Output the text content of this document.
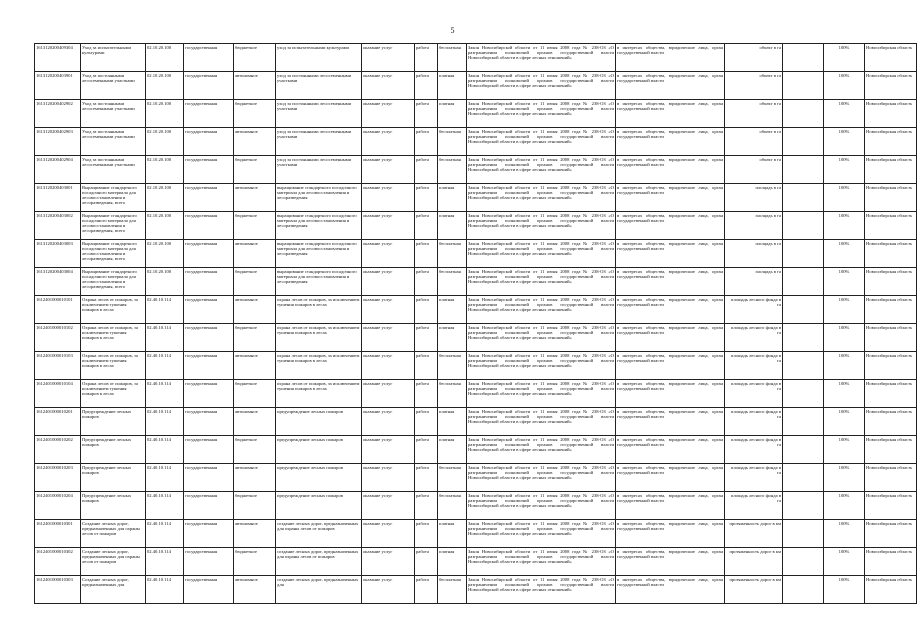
5
1613120200409304	Уход за испытательными культурами	02.10.20.100	государственная	бюджетное	уход за испытательными культурами	оказание услуг	работа	бесплатная	Закон Новосибирской области от 11 июня 2008 года № 238-ОЗ «О разграничении полномочий органов государственной власти Новосибирской области в сфере лесных отношений»	в интересах общества, юридические лица, орган государственной власти	объект в га		100%	Новосибирская область
1613120200403901	Уход за постоянными лесосеменными участками	02.10.20.100	государственная	автономное	уход за постоянными лесосеменными участками	оказание услуг	работа	платная	Закон Новосибирской области от 11 июня 2008 года № 238-ОЗ «О разграничении полномочий органов государственной власти Новосибирской области в сфере лесных отношений»	в интересах общества, юридические лица, орган государственной власти	объект в га		100%	Новосибирская область
1613120200402902	Уход за постоянными лесосеменными участками	02.10.20.100	государственная	бюджетное	уход за постоянными лесосеменными участками	оказание услуг	работа	платная	Закон Новосибирской области от 11 июня 2008 года № 238-ОЗ «О разграничении полномочий органов государственной власти Новосибирской области в сфере лесных отношений»	в интересах общества, юридические лица, орган государственной власти	объект в га		100%	Новосибирская область
1613120200402903	Уход за постоянными лесосеменными участками	02.10.20.100	государственная	автономное	уход за постоянными лесосеменными участками	оказание услуг	работа	бесплатная	Закон Новосибирской области от 11 июня 2008 года № 238-ОЗ «О разграничении полномочий органов государственной власти Новосибирской области в сфере лесных отношений»	в интересах общества, юридические лица, орган государственной власти	объект в га		100%	Новосибирская область
1613120200402904	Уход за постоянными лесосеменными участками	02.10.20.100	государственная	бюджетное	уход за постоянными лесосеменными участками	оказание услуг	работа	бесплатная	Закон Новосибирской области от 11 июня 2008 года № 238-ОЗ «О разграничении полномочий органов государственной власти Новосибирской области в сфере лесных отношений»	в интересах общества, юридические лица, орган государственной власти	объект в га		100%	Новосибирская область
1613120200403001	Выращивание стандартного посадочного материала для лесовосстановления и лесоразведения, всего	02.10.20.100	государственная	автономное	выращивание стандартного посадочного материала для лесовосстановления и лесоразведения	оказание услуг	работа	платная	Закон Новосибирской области от 11 июня 2008 года № 238-ОЗ «О разграничении полномочий органов государственной власти Новосибирской области в сфере лесных отношений»	в интересах общества, юридические лица, орган государственной власти	площадь в га		100%	Новосибирская область
1613120200403002	Выращивание стандартного посадочного материала для лесовосстановления и лесоразведения, всего	02.10.20.100	государственная	бюджетное	выращивание стандартного посадочного материала для лесовосстановления и лесоразведения	оказание услуг	работа	платная	Закон Новосибирской области от 11 июня 2008 года № 238-ОЗ «О разграничении полномочий органов государственной власти Новосибирской области в сфере лесных отношений»	в интересах общества, юридические лица, орган государственной власти	площадь в га		100%	Новосибирская область
1613120200403003	Выращивание стандартного посадочного материала для лесовосстановления и лесоразведения, всего	02.10.20.100	государственная	автономное	выращивание стандартного посадочного материала для лесовосстановления и лесоразведения	оказание услуг	работа	бесплатная	Закон Новосибирской области от 11 июня 2008 года № 238-ОЗ «О разграничении полномочий органов государственной власти Новосибирской области в сфере лесных отношений»	в интересах общества, юридические лица, орган государственной власти	площадь в га		100%	Новосибирская область
1613120200403004	Выращивание стандартного посадочного материала для лесовосстановления и лесоразведения, всего	02.10.20.100	государственная	бюджетное	выращивание стандартного посадочного материала для лесовосстановления и лесоразведения	оказание услуг	работа	бесплатная	Закон Новосибирской области от 11 июня 2008 года № 238-ОЗ «О разграничении полномочий органов государственной власти Новосибирской области в сфере лесных отношений»	в интересах общества, юридические лица, орган государственной власти	площадь в га		100%	Новосибирская область
1612401000010101	Охрана лесов от пожаров, за исключением тушения пожаров в лесах	02.40.10.114	государственная	автономное	охрана лесов от пожаров, за исключением тушения пожаров в лесах	оказание услуг	работа	платная	Закон Новосибирской области от 11 июня 2008 года № 238-ОЗ «О разграничении полномочий органов государственной власти Новосибирской области в сфере лесных отношений»	в интересах общества, юридические лица, орган государственной власти	площадь лесного фонда в га		100%	Новосибирская область
1612401000010102	Охрана лесов от пожаров, за исключением тушения пожаров в лесах	02.40.10.114	государственная	бюджетное	охрана лесов от пожаров, за исключением тушения пожаров в лесах	оказание услуг	работа	платная	Закон Новосибирской области от 11 июня 2008 года № 238-ОЗ «О разграничении полномочий органов государственной власти Новосибирской области в сфере лесных отношений»	в интересах общества, юридические лица, орган государственной власти	площадь лесного фонда в га		100%	Новосибирская область
1612401000010103	Охрана лесов от пожаров, за исключением тушения пожаров в лесах	02.40.10.114	государственная	автономное	охрана лесов от пожаров, за исключением тушения пожаров в лесах	оказание услуг	работа	бесплатная	Закон Новосибирской области от 11 июня 2008 года № 238-ОЗ «О разграничении полномочий органов государственной власти Новосибирской области в сфере лесных отношений»	в интересах общества, юридические лица, орган государственной власти	площадь лесного фонда в га		100%	Новосибирская область
1612401000010104	Охрана лесов от пожаров, за исключением тушения пожаров в лесах	02.40.10.114	государственная	бюджетное	охрана лесов от пожаров, за исключением тушения пожаров в лесах	оказание услуг	работа	бесплатная	Закон Новосибирской области от 11 июня 2008 года № 238-ОЗ «О разграничении полномочий органов государственной власти Новосибирской области в сфере лесных отношений»	в интересах общества, юридические лица, орган государственной власти	площадь лесного фонда в га		100%	Новосибирская область
1612401000010201	Предупреждение лесных пожаров	02.40.10.114	государственная	автономное	предупреждение лесных пожаров	оказание услуг	работа	платная	Закон Новосибирской области от 11 июня 2008 года № 238-ОЗ «О разграничении полномочий органов государственной власти Новосибирской области в сфере лесных отношений»	в интересах общества, юридические лица, орган государственной власти	площадь лесного фонда в га		100%	Новосибирская область
1612401000010202	Предупреждение лесных пожаров	02.40.10.114	государственная	бюджетное	предупреждение лесных пожаров	оказание услуг	работа	платная	Закон Новосибирской области от 11 июня 2008 года № 238-ОЗ «О разграничении полномочий органов государственной власти Новосибирской области в сфере лесных отношений»	в интересах общества, юридические лица, орган государственной власти	площадь лесного фонда в га		100%	Новосибирская область
1612401000010203	Предупреждение лесных пожаров	02.40.10.114	государственная	автономное	предупреждение лесных пожаров	оказание услуг	работа	бесплатная	Закон Новосибирской области от 11 июня 2008 года № 238-ОЗ «О разграничении полномочий органов государственной власти Новосибирской области в сфере лесных отношений»	в интересах общества, юридические лица, орган государственной власти	площадь лесного фонда в га		100%	Новосибирская область
1612401000010204	Предупреждение лесных пожаров	02.40.10.114	государственная	бюджетное	предупреждение лесных пожаров	оказание услуг	работа	бесплатная	Закон Новосибирской области от 11 июня 2008 года № 238-ОЗ «О разграничении полномочий органов государственной власти Новосибирской области в сфере лесных отношений»	в интересах общества, юридические лица, орган государственной власти	площадь лесного фонда в га		100%	Новосибирская область
1612401000010301	Создание лесных дорог, предназначенных для охраны лесов от пожаров	02.40.10.114	государственная	автономное	создание лесных дорог, предназначенных для охраны лесов от пожаров	оказание услуг	работа	платная	Закон Новосибирской области от 11 июня 2008 года № 238-ОЗ «О разграничении полномочий органов государственной власти Новосибирской области в сфере лесных отношений»	в интересах общества, юридические лица, орган государственной власти	протяженность дорог в км		100%	Новосибирская область
1612401000010302	Создание лесных дорог, предназначенных для охраны лесов от пожаров	02.40.10.114	государственная	бюджетное	создание лесных дорог, предназначенных для охраны лесов от пожаров	оказание услуг	работа	платная	Закон Новосибирской области от 11 июня 2008 года № 238-ОЗ «О разграничении полномочий органов государственной власти Новосибирской области в сфере лесных отношений»	в интересах общества, юридические лица, орган государственной власти	протяженность дорог в км		100%	Новосибирская область
1612401000010303	Создание лесных дорог, предназначенных для	02.40.10.114	государственная	автономное	создание лесных дорог, предназначенных для	оказание услуг	работа	бесплатная	Закон Новосибирской области от 11 июня 2008 года № 238-ОЗ «О разграничении полномочий органов государственной власти Новосибирской области в сфере лесных отношений»	в интересах общества, юридические лица, орган государственной власти	протяженность дорог в км		100%	Новосибирская область
